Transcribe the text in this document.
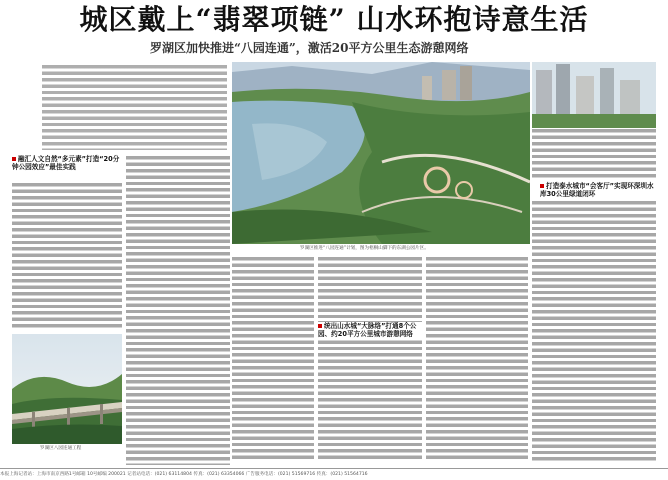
城区戴上“翡翠项链” 山水环抱诗意生活
罗湖区加快推进“八园连通”，激活20平方公里生态游憩网络
融汇人文自然“多元素”打造“20分钟公园效应”最佳实践
罗湖区八园连通工程
罗湖区推进“八园连通”计划，图为梧桐山脚下的东湖公园片区。
打造泰水城市“会客厅”实现环深圳水库30公里绿道闭环
统出山水城“大脉络”打通8个公园、约20平方公里城市游憩网络
本报上海记者站：上海市南京西路1号邮箱 10号邮编 200021 记者站电话：(021) 63114804 传真：(021) 63354066 广告服务电话：(021) 51569716 传真：(021) 51564716
